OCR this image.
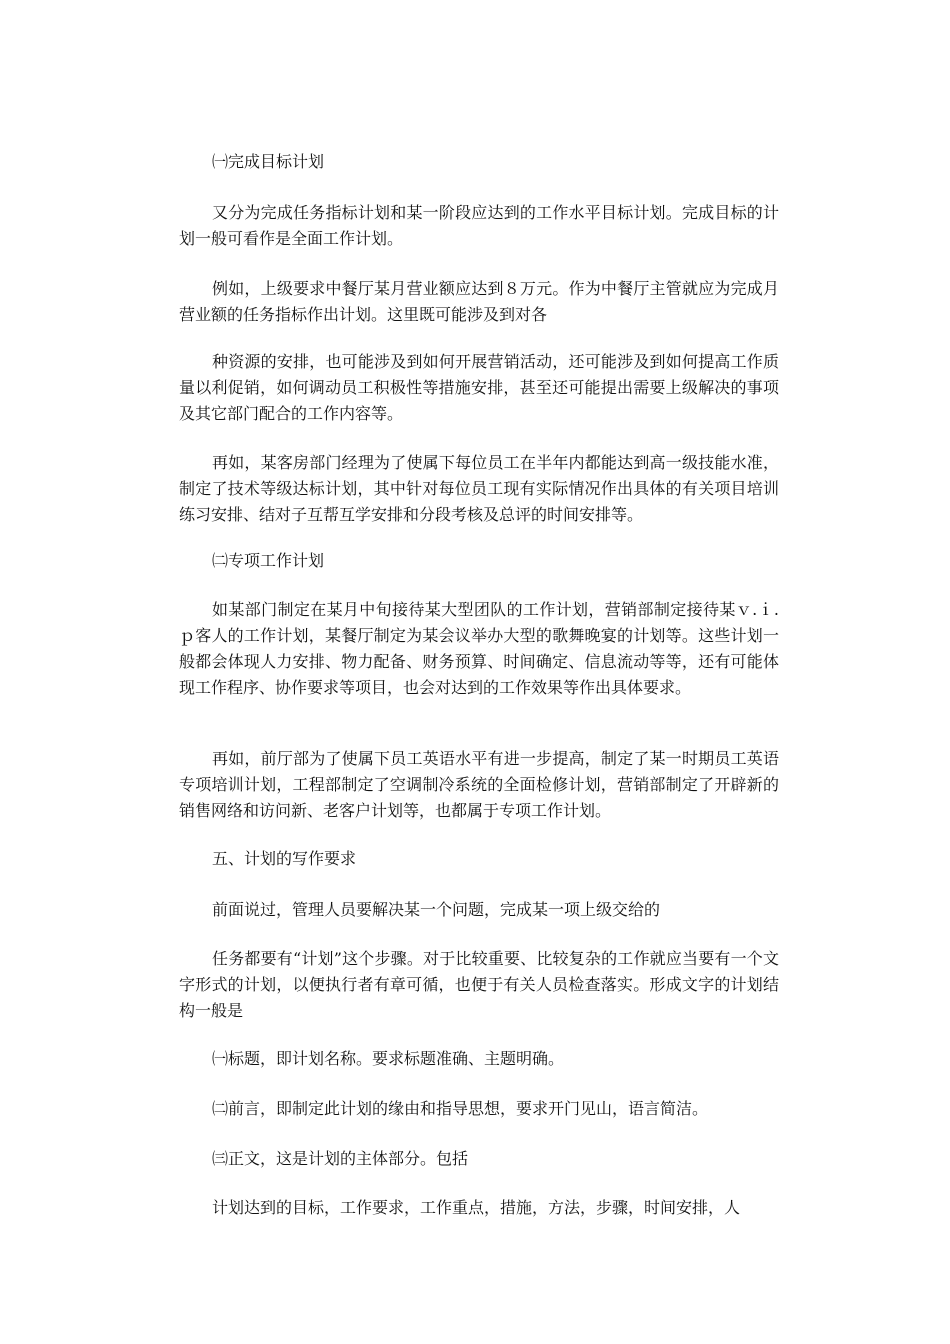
㈠完成目标计划

又分为完成任务指标计划和某一阶段应达到的工作水平目标计划。完成目标的计划一般可看作是全面工作计划。

例如，上级要求中餐厅某月营业额应达到８万元。作为中餐厅主管就应为完成月营业额的任务指标作出计划。这里既可能涉及到对各

种资源的安排，也可能涉及到如何开展营销活动，还可能涉及到如何提高工作质量以利促销，如何调动员工积极性等措施安排，甚至还可能提出需要上级解决的事项及其它部门配合的工作内容等。

再如，某客房部门经理为了使属下每位员工在半年内都能达到高一级技能水准，制定了技术等级达标计划，其中针对每位员工现有实际情况作出具体的有关项目培训练习安排、结对子互帮互学安排和分段考核及总评的时间安排等。

㈡专项工作计划

如某部门制定在某月中旬接待某大型团队的工作计划，营销部制定接待某ｖ.ｉ.ｐ客人的工作计划，某餐厅制定为某会议举办大型的歌舞晚宴的计划等。这些计划一般都会体现人力安排、物力配备、财务预算、时间确定、信息流动等等，还有可能体现工作程序、协作要求等项目，也会对达到的工作效果等作出具体要求。

再如，前厅部为了使属下员工英语水平有进一步提高，制定了某一时期员工英语专项培训计划，工程部制定了空调制冷系统的全面检修计划，营销部制定了开辟新的销售网络和访问新、老客户计划等，也都属于专项工作计划。

五、计划的写作要求

前面说过，管理人员要解决某一个问题，完成某一项上级交给的

任务都要有“计划”这个步骤。对于比较重要、比较复杂的工作就应当要有一个文字形式的计划，以便执行者有章可循，也便于有关人员检查落实。形成文字的计划结构一般是

㈠标题，即计划名称。要求标题准确、主题明确。

㈡前言，即制定此计划的缘由和指导思想，要求开门见山，语言简洁。

㈢正文，这是计划的主体部分。包括

计划达到的目标，工作要求，工作重点，措施，方法，步骤，时间安排，人
